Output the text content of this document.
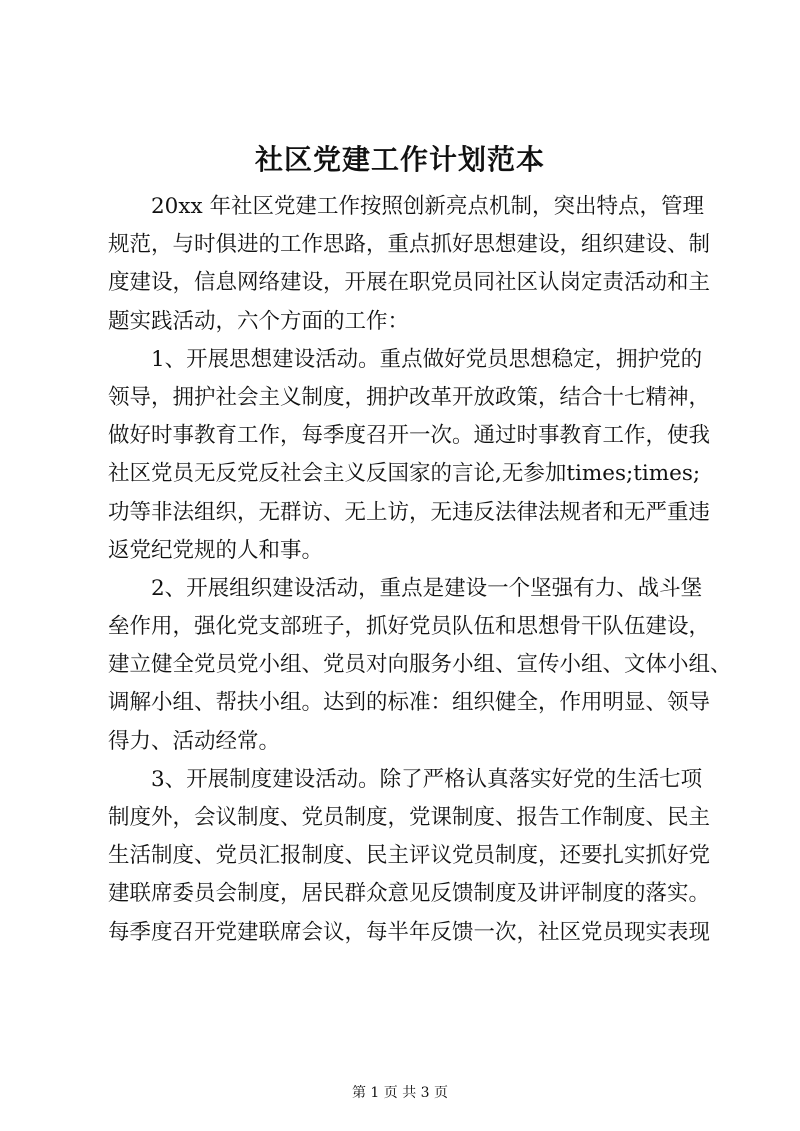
社区党建工作计划范本
20xx 年社区党建工作按照创新亮点机制，突出特点，管理
规范，与时俱进的工作思路，重点抓好思想建设，组织建设、制
度建设，信息网络建设，开展在职党员同社区认岗定责活动和主
题实践活动，六个方面的工作：
1、开展思想建设活动。重点做好党员思想稳定，拥护党的
领导，拥护社会主义制度，拥护改革开放政策，结合十七精神，
做好时事教育工作，每季度召开一次。通过时事教育工作，使我
社区党员无反党反社会主义反国家的言论,无参加times;times;
功等非法组织，无群访、无上访，无违反法律法规者和无严重违
返党纪党规的人和事。
2、开展组织建设活动，重点是建设一个坚强有力、战斗堡
垒作用，强化党支部班子，抓好党员队伍和思想骨干队伍建设，
建立健全党员党小组、党员对向服务小组、宣传小组、文体小组、
调解小组、帮扶小组。达到的标准：组织健全，作用明显、领导
得力、活动经常。
3、开展制度建设活动。除了严格认真落实好党的生活七项
制度外，会议制度、党员制度，党课制度、报告工作制度、民主
生活制度、党员汇报制度、民主评议党员制度，还要扎实抓好党
建联席委员会制度，居民群众意见反馈制度及讲评制度的落实。
每季度召开党建联席会议，每半年反馈一次，社区党员现实表现
第 1 页 共 3 页
